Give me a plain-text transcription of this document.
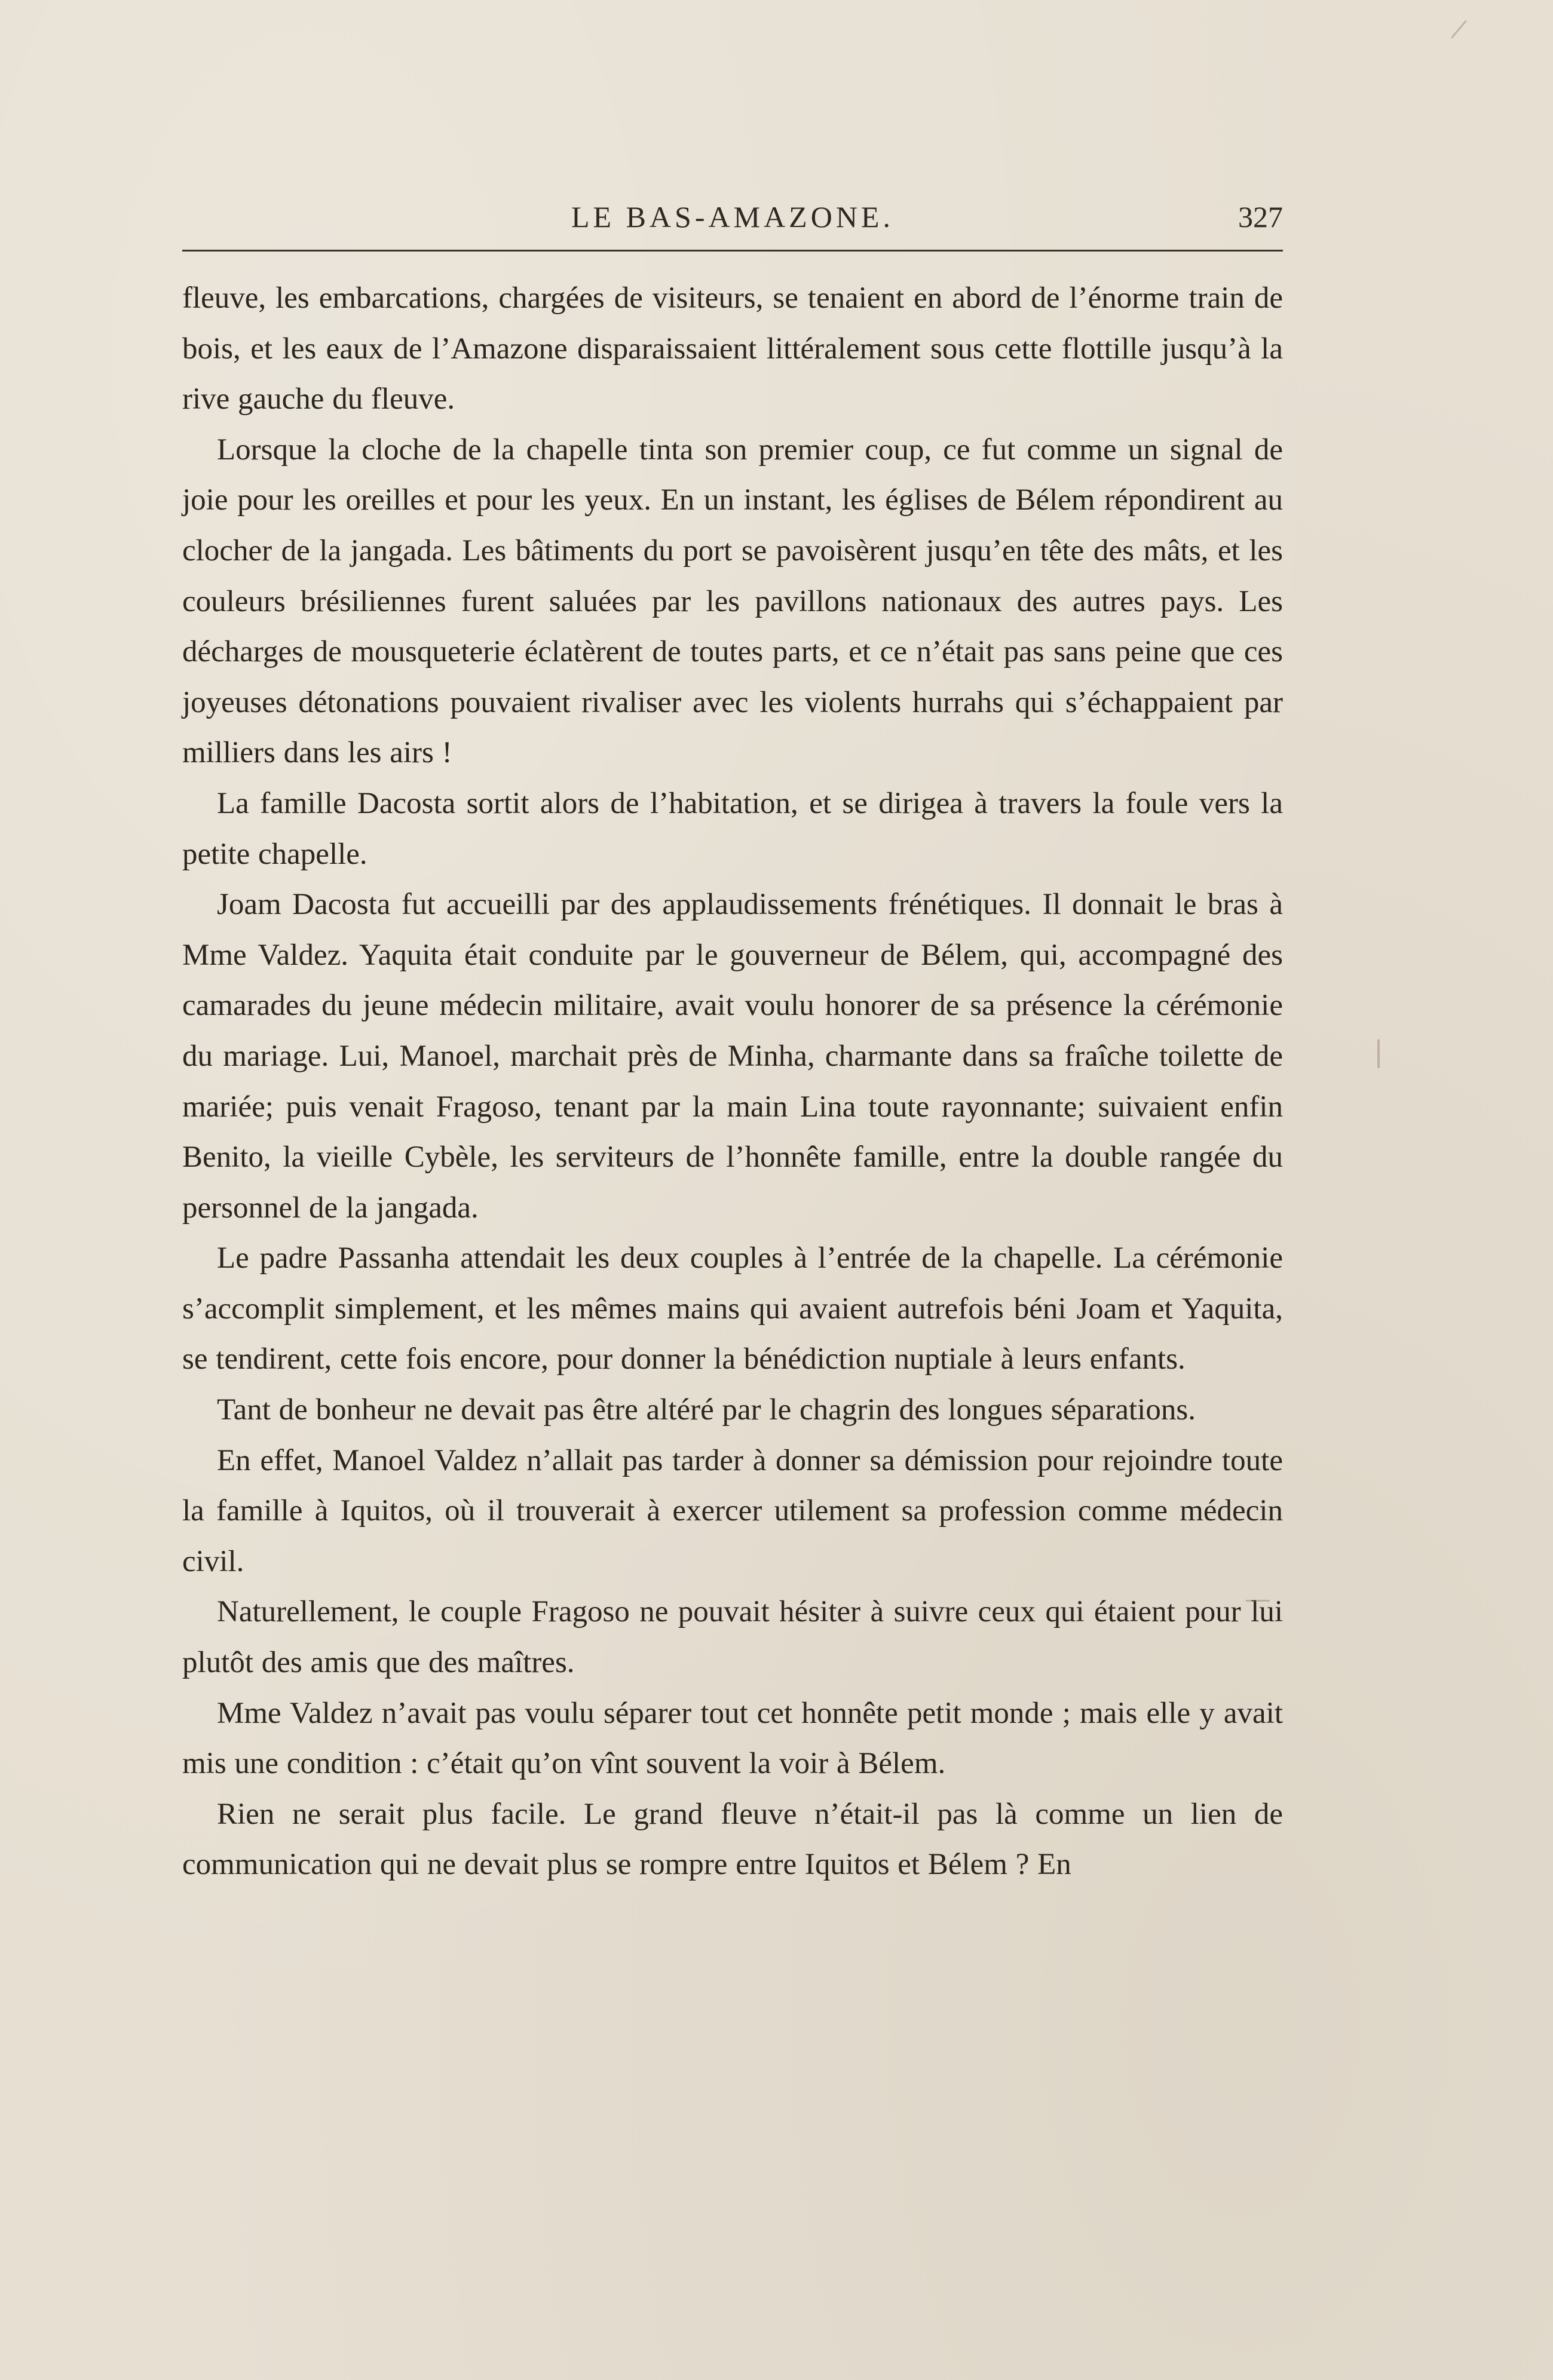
LE BAS-AMAZONE.	327

fleuve, les embarcations, chargées de visiteurs, se tenaient en abord de l’énorme train de bois, et les eaux de l’Amazone disparaissaient littéralement sous cette flottille jusqu’à la rive gauche du fleuve.

Lorsque la cloche de la chapelle tinta son premier coup, ce fut comme un signal de joie pour les oreilles et pour les yeux. En un instant, les églises de Bélem répondirent au clocher de la jangada. Les bâtiments du port se pavoisèrent jusqu’en tête des mâts, et les couleurs brésiliennes furent saluées par les pavillons nationaux des autres pays. Les décharges de mousqueterie éclatèrent de toutes parts, et ce n’était pas sans peine que ces joyeuses détonations pouvaient rivaliser avec les violents hurrahs qui s’échappaient par milliers dans les airs !

La famille Dacosta sortit alors de l’habitation, et se dirigea à travers la foule vers la petite chapelle.

Joam Dacosta fut accueilli par des applaudissements frénétiques. Il donnait le bras à Mme Valdez. Yaquita était conduite par le gouverneur de Bélem, qui, accompagné des camarades du jeune médecin militaire, avait voulu honorer de sa présence la cérémonie du mariage. Lui, Manoel, marchait près de Minha, charmante dans sa fraîche toilette de mariée; puis venait Fragoso, tenant par la main Lina toute rayonnante; suivaient enfin Benito, la vieille Cybèle, les serviteurs de l’honnête famille, entre la double rangée du personnel de la jangada.

Le padre Passanha attendait les deux couples à l’entrée de la chapelle. La cérémonie s’accomplit simplement, et les mêmes mains qui avaient autrefois béni Joam et Yaquita, se tendirent, cette fois encore, pour donner la bénédiction nuptiale à leurs enfants.

Tant de bonheur ne devait pas être altéré par le chagrin des longues séparations.

En effet, Manoel Valdez n’allait pas tarder à donner sa démission pour rejoindre toute la famille à Iquitos, où il trouverait à exercer utilement sa profession comme médecin civil.

Naturellement, le couple Fragoso ne pouvait hésiter à suivre ceux qui étaient pour lui plutôt des amis que des maîtres.

Mme Valdez n’avait pas voulu séparer tout cet honnête petit monde ; mais elle y avait mis une condition : c’était qu’on vînt souvent la voir à Bélem.

Rien ne serait plus facile. Le grand fleuve n’était-il pas là comme un lien de communication qui ne devait plus se rompre entre Iquitos et Bélem ? En
